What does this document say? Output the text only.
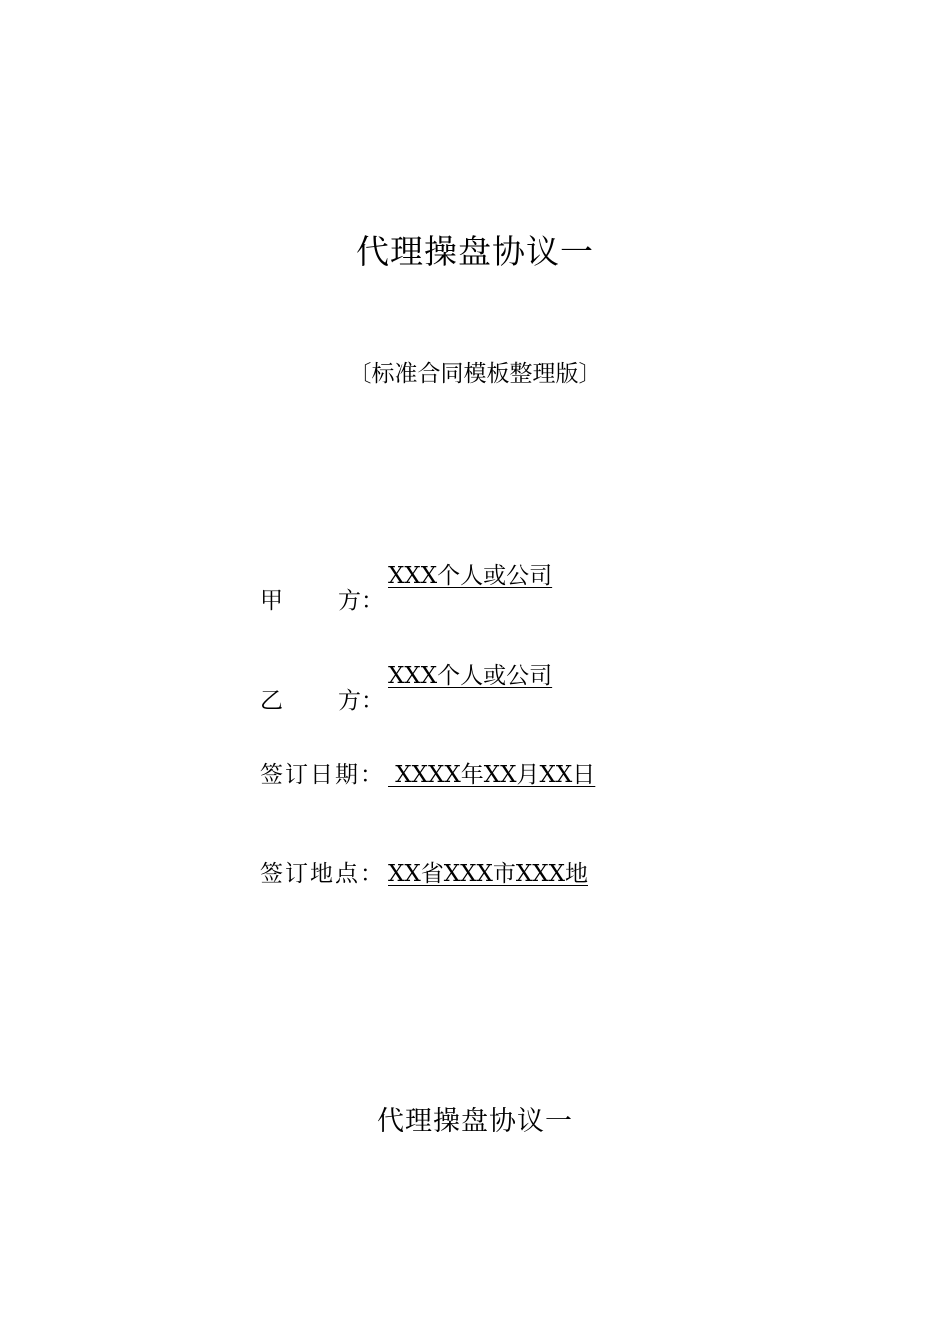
代理操盘协议一
〔标准合同模板整理版〕
甲 方：
XXX个人或公司
乙 方：
XXX个人或公司
签订日期： XXXX年XX月XX日
签订地点： XX省XXX市XXX地
代理操盘协议一
